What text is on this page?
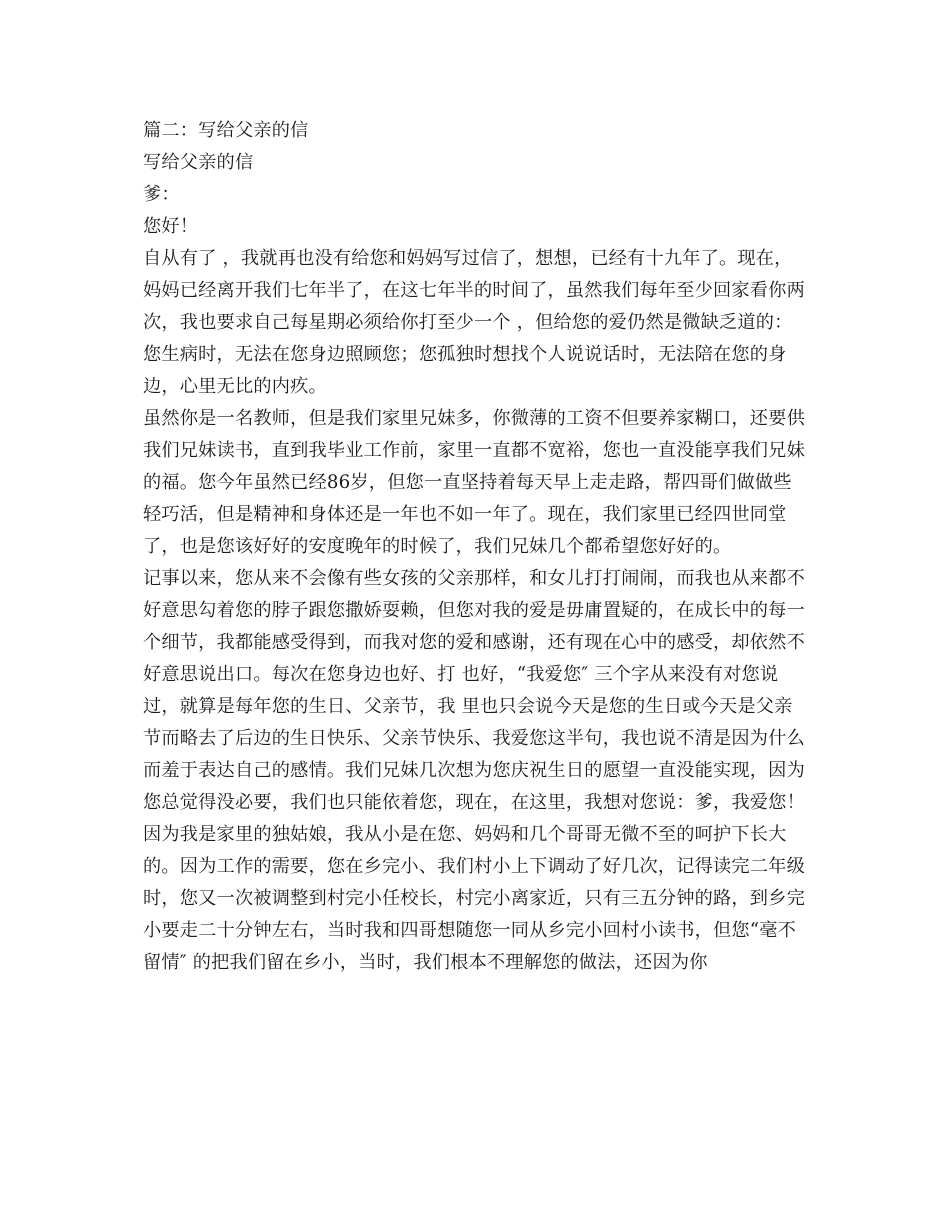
篇二：写给父亲的信
写给父亲的信
爹：
您好！
自从有了 ，我就再也没有给您和妈妈写过信了，想想，已经有十九年了。现在，
妈妈已经离开我们七年半了，在这七年半的时间了，虽然我们每年至少回家看你两
次，我也要求自己每星期必须给你打至少一个 ，但给您的爱仍然是微缺乏道的：
您生病时，无法在您身边照顾您；您孤独时想找个人说说话时，无法陪在您的身
边，心里无比的内疚。
虽然你是一名教师，但是我们家里兄妹多，你微薄的工资不但要养家糊口，还要供
我们兄妹读书，直到我毕业工作前，家里一直都不宽裕，您也一直没能享我们兄妹
的福。您今年虽然已经86岁，但您一直坚持着每天早上走走路，帮四哥们做做些
轻巧活，但是精神和身体还是一年也不如一年了。现在，我们家里已经四世同堂
了，也是您该好好的安度晚年的时候了，我们兄妹几个都希望您好好的。
记事以来，您从来不会像有些女孩的父亲那样，和女儿打打闹闹，而我也从来都不
好意思勾着您的脖子跟您撒娇耍赖，但您对我的爱是毋庸置疑的，在成长中的每一
个细节，我都能感受得到，而我对您的爱和感谢，还有现在心中的感受，却依然不
好意思说出口。每次在您身边也好、打 也好，“我爱您″ 三个字从来没有对您说
过，就算是每年您的生日、父亲节，我 里也只会说今天是您的生日或今天是父亲
节而略去了后边的生日快乐、父亲节快乐、我爱您这半句，我也说不清是因为什么
而羞于表达自己的感情。我们兄妹几次想为您庆祝生日的愿望一直没能实现，因为
您总觉得没必要，我们也只能依着您，现在，在这里，我想对您说：爹，我爱您！
因为我是家里的独姑娘，我从小是在您、妈妈和几个哥哥无微不至的呵护下长大
的。因为工作的需要，您在乡完小、我们村小上下调动了好几次，记得读完二年级
时，您又一次被调整到村完小任校长，村完小离家近，只有三五分钟的路，到乡完
小要走二十分钟左右，当时我和四哥想随您一同从乡完小回村小读书，但您“毫不
留情″ 的把我们留在乡小，当时，我们根本不理解您的做法，还因为你
